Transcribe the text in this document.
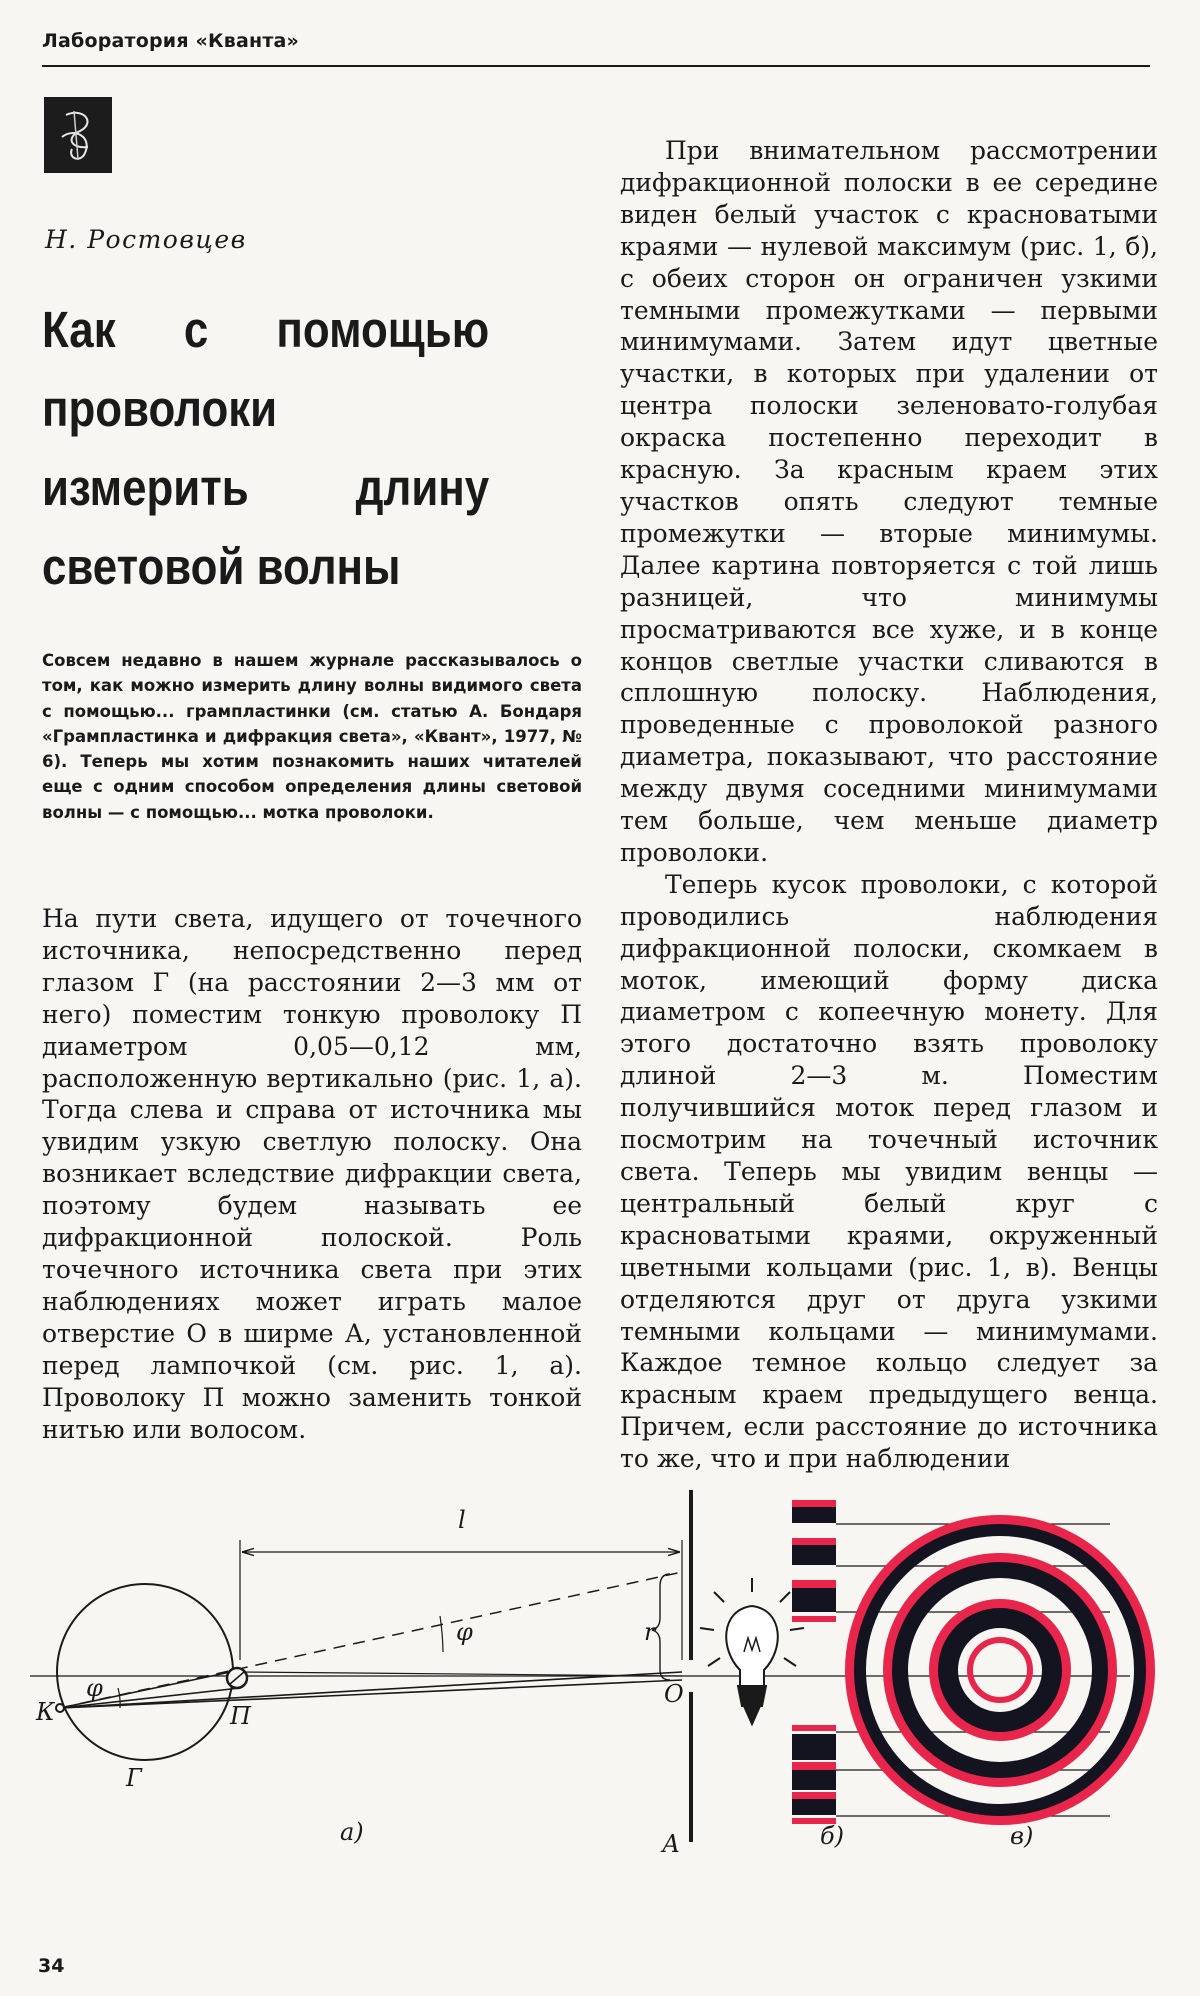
Лаборатория «Кванта»
Н. Ростовцев
Как с помощью
проволоки
измерить длину
световой волны
Совсем недавно в нашем журнале рассказывалось о том, как можно измерить длину волны видимого света с помощью... грампластинки (см. статью А. Бондаря «Грампластинка и дифракция света», «Квант», 1977, № 6). Теперь мы хотим познакомить наших читателей еще с одним способом определения длины световой волны — с помощью... мотка проволоки.

На пути света, идущего от точечного источника, непосредственно перед глазом Г (на расстоянии 2—3 мм от него) поместим тонкую проволоку П диаметром 0,05—0,12 мм, расположенную вертикально (рис. 1, а). Тогда слева и справа от источника мы увидим узкую светлую полоску. Она возникает вследствие дифракции света, поэтому будем называть ее дифракционной полоской. Роль точечного источника света при этих наблюдениях может играть малое отверстие О в ширме А, установленной перед лампочкой (см. рис. 1, а). Проволоку П можно заменить тонкой нитью или волосом.

При внимательном рассмотрении дифракционной полоски в ее середине виден белый участок с красноватыми краями — нулевой максимум (рис. 1, б), с обеих сторон он ограничен узкими темными промежутками — первыми минимумами. Затем идут цветные участки, в которых при удалении от центра полоски зеленовато-голубая окраска постепенно переходит в красную. За красным краем этих участков опять следуют темные промежутки — вторые минимумы. Далее картина повторяется с той лишь разницей, что минимумы просматриваются все хуже, и в конце концов светлые участки сливаются в сплошную полоску. Наблюдения, проведенные с проволокой разного диаметра, показывают, что расстояние между двумя соседними минимумами тем больше, чем меньше диаметр проволоки.

Теперь кусок проволоки, с которой проводились наблюдения дифракционной полоски, скомкаем в моток, имеющий форму диска диаметром с копеечную монету. Для этого достаточно взять проволоку длиной 2—3 м. Поместим получившийся моток перед глазом и посмотрим на точечный источник света. Теперь мы увидим венцы — центральный белый круг с красноватыми краями, окруженный цветными кольцами (рис. 1, в). Венцы отделяются друг от друга узкими темными кольцами — минимумами. Каждое темное кольцо следует за красным краем предыдущего венца. Причем, если расстояние до источника то же, что и при наблюдении

l
φ
φ
r
К	П
Г
О
А
а)	б)	в)
34
